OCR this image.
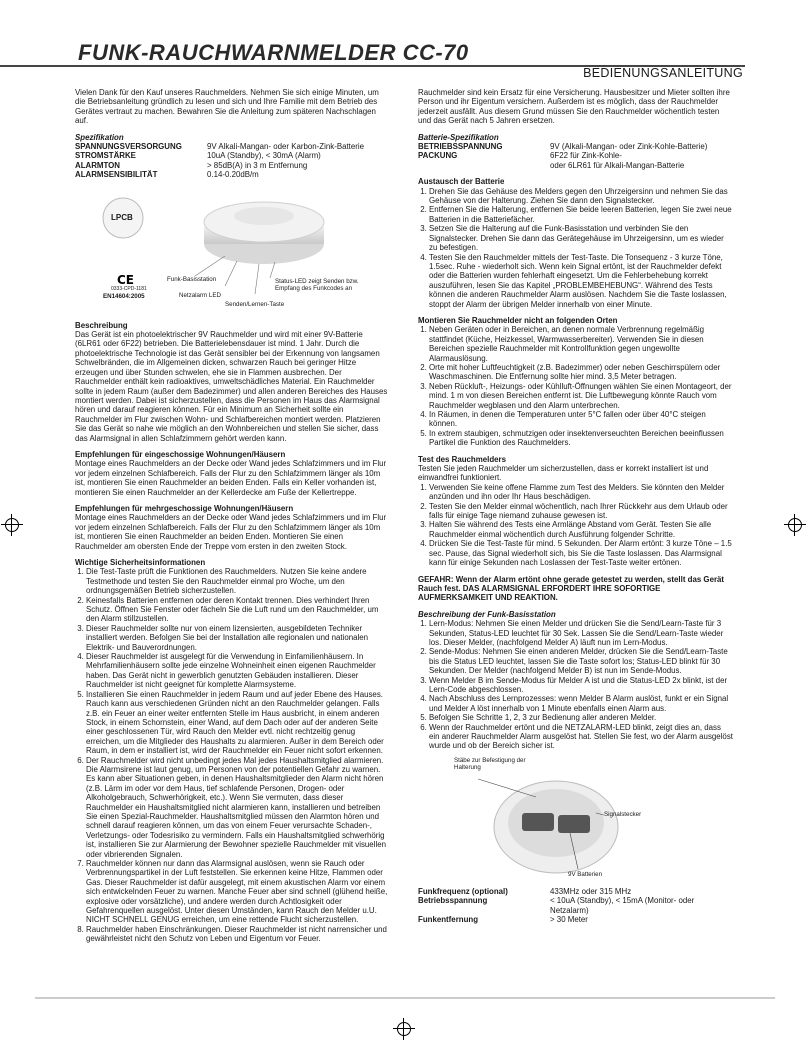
FUNK-RAUCHWARNMELDER CC-70
BEDIENUNGSANLEITUNG

Vielen Dank für den Kauf unseres Rauchmelders. Nehmen Sie sich einige Minuten, um die Betriebsanleitung gründlich zu lesen und sich und Ihre Familie mit dem Betrieb des Gerätes vertraut zu machen. Bewahren Sie die Anleitung zum späteren Nachschlagen auf.

Spezifikation

SPANNUNGSVERSORGUNG	9V Alkali-Mangan- oder Karbon-Zink-Batterie
STROMSTÄRKE	10uA (Standby), < 30mA (Alarm)
ALARMTON	> 85dB(A) in 3 m Entfernung
ALARMSENSIBILITÄT	0.14-0.20dB/m
CE
LPCB
0333-CPD-1181
EN14604:2005
Funk-Basisstation
Netzalarm LED
Senden/Lernen-Taste
Status-LED zeigt Senden bzw. Empfang des Funkcodes an

Beschreibung

Das Gerät ist ein photoelektrischer 9V Rauchmelder und wird mit einer 9V-Batterie (6LR61 oder 6F22) betrieben. Die Batterielebensdauer ist mind. 1 Jahr. Durch die photoelektrische Technologie ist das Gerät sensibler bei der Erkennung von langsamen Schwelbränden, die im Allgemeinen dicken, schwarzen Rauch bei geringer Hitze erzeugen und über Stunden schwelen, ehe sie in Flammen ausbrechen. Der Rauchmelder enthält kein radioaktives, umweltschädliches Material. Ein Rauchmelder sollte in jedem Raum (außer dem Badezimmer) und allen anderen Bereiches des Hauses montiert werden. Dabei ist sicherzustellen, dass die Personen im Haus das Alarmsignal hören und darauf reagieren können. Für ein Minimum an Sicherheit sollte ein Rauchmelder im Flur zwischen Wohn- und Schlafbereichen montiert werden. Platzieren Sie das Gerät so nahe wie möglich an den Wohnbereichen und stellen Sie sicher, dass das Alarmsignal in allen Schlafzimmern gehört werden kann.

Empfehlungen für eingeschossige Wohnungen/Häusern

Montage eines Rauchmelders an der Decke oder Wand jedes Schlafzimmers und im Flur vor jedem einzelnen Schlafbereich. Falls der Flur zu den Schlafzimmern länger als 10m ist, montieren Sie einen Rauchmelder an beiden Enden. Falls ein Keller vorhanden ist, montieren Sie einen Rauchmelder an der Kellerdecke am Fuße der Kellertreppe.

Empfehlungen für mehrgeschossige Wohnungen/Häusern

Montage eines Rauchmelders an der Decke oder Wand jedes Schlafzimmers und im Flur vor jedem einzelnen Schlafbereich. Falls der Flur zu den Schlafzimmern länger als 10m ist, montieren Sie einen Rauchmelder an beiden Enden. Montieren Sie einen Rauchmelder am obersten Ende der Treppe vom ersten in den zweiten Stock.

Wichtige Sicherheitsinformationen

1. Die Test-Taste prüft die Funktionen des Rauchmelders. Nutzen Sie keine andere Testmethode und testen Sie den Rauchmelder einmal pro Woche, um den ordnungsgemäßen Betrieb sicherzustellen.
2. Keinesfalls Batterien entfernen oder deren Kontakt trennen. Dies verhindert Ihren Schutz. Öffnen Sie Fenster oder fächeln Sie die Luft rund um den Rauchmelder, um den Alarm stillzustellen.
3. Dieser Rauchmelder sollte nur von einem lizensierten, ausgebildeten Techniker installiert werden. Befolgen Sie bei der Installation alle regionalen und nationalen Elektrik- und Bauverordnungen.
4. Dieser Rauchmelder ist ausgelegt für die Verwendung in Einfamilienhäusern. In Mehrfamilienhäusern sollte jede einzelne Wohneinheit einen eigenen Rauchmelder haben. Das Gerät nicht in gewerblich genutzten Gebäuden installieren. Dieser Rauchmelder ist nicht geeignet für komplette Alarmsysteme.
5. Installieren Sie einen Rauchmelder in jedem Raum und auf jeder Ebene des Hauses. Rauch kann aus verschiedenen Gründen nicht an den Rauchmelder gelangen. Falls z.B. ein Feuer an einer weiter entfernten Stelle im Haus ausbricht, in einem anderen Stock, in einem Schornstein, einer Wand, auf dem Dach oder auf der anderen Seite einer geschlossenen Tür, wird Rauch den Melder evtl. nicht rechtzeitig genug erreichen, um die Mitglieder des Haushalts zu alarmieren. Außer in dem Bereich oder Raum, in dem er installiert ist, wird der Rauchmelder ein Feuer nicht sofort erkennen.
6. Der Rauchmelder wird nicht unbedingt jedes Mal jedes Haushaltsmitglied alarmieren. Die Alarmsirene ist laut genug, um Personen von der potentiellen Gefahr zu warnen. Es kann aber Situationen geben, in denen Haushaltsmitglieder den Alarm nicht hören (z.B. Lärm im oder vor dem Haus, tief schlafende Personen, Drogen- oder Alkoholgebrauch, Schwerhörigkeit, etc.). Wenn Sie vermuten, dass dieser Rauchmelder ein Haushaltsmitglied nicht alarmieren kann, installieren und betreiben Sie einen Spezial-Rauchmelder. Haushaltsmitglied müssen den Alarmton hören und schnell darauf reagieren können, um das von einem Feuer verursachte Schaden-, Verletzungs- oder Todesrisiko zu vermindern. Falls ein Haushaltsmitglied schwerhörig ist, installieren Sie zur Alarmierung der Bewohner spezielle Rauchmelder mit visuellen oder vibrierenden Signalen.
7. Rauchmelder können nur dann das Alarmsignal auslösen, wenn sie Rauch oder Verbrennungspartikel in der Luft feststellen. Sie erkennen keine Hitze, Flammen oder Gas. Dieser Rauchmelder ist dafür ausgelegt, mit einem akustischen Alarm vor einem sich entwickelnden Feuer zu warnen. Manche Feuer aber sind schnell (glühend heiße, explosive oder vorsätzliche), und andere werden durch Achtlosigkeit oder Gefahrenquellen ausgelöst. Unter diesen Umständen, kann Rauch den Melder u.U. NICHT SCHNELL GENUG erreichen, um eine rettende Flucht sicherzustellen.
8. Rauchmelder haben Einschränkungen. Dieser Rauchmelder ist nicht narrensicher und gewährleistet nicht den Schutz von Leben und Eigentum vor Feuer.

Rauchmelder sind kein Ersatz für eine Versicherung. Hausbesitzer und Mieter sollten ihre Person und ihr Eigentum versichern. Außerdem ist es möglich, dass der Rauchmelder jederzeit ausfällt. Aus diesem Grund müssen Sie den Rauchmelder wöchentlich testen und das Gerät nach 5 Jahren ersetzen.

Batterie-Spezifikation

BETRIEBSSPANNUNG	9V (Alkali-Mangan- oder Zink-Kohle-Batterie)
PACKUNG	6F22 für Zink-Kohle-
oder 6LR61 für Alkali-Mangan-Batterie

Austausch der Batterie

1. Drehen Sie das Gehäuse des Melders gegen den Uhrzeigersinn und nehmen Sie das Gehäuse von der Halterung. Ziehen Sie dann den Signalstecker.
2. Entfernen Sie die Halterung, entfernen Sie beide leeren Batterien, legen Sie zwei neue Batterien in die Batteriefächer.
3. Setzen Sie die Halterung auf die Funk-Basisstation und verbinden Sie den Signalstecker. Drehen Sie dann das Gerätegehäuse im Uhrzeigersinn, um es wieder zu befestigen.
4. Testen Sie den Rauchmelder mittels der Test-Taste. Die Tonsequenz - 3 kurze Töne, 1.5sec. Ruhe - wiederholt sich. Wenn kein Signal ertönt, ist der Rauchmelder defekt oder die Batterien wurden fehlerhaft eingesetzt. Um die Fehlerbehebung korrekt auszuführen, lesen Sie das Kapitel „PROBLEMBEHEBUNG“. Während des Tests können die anderen Rauchmelder Alarm auslösen. Nachdem Sie die Taste loslassen, stoppt der Alarm der übrigen Melder innerhalb von einer Minute.

Montieren Sie Rauchmelder nicht an folgenden Orten

1. Neben Geräten oder in Bereichen, an denen normale Verbrennung regelmäßig stattfindet (Küche, Heizkessel, Warmwasserbereiter). Verwenden Sie in diesen Bereichen spezielle Rauchmelder mit Kontrollfunktion gegen ungewollte Alarmauslösung.
2. Orte mit hoher Luftfeuchtigkeit (z.B. Badezimmer) oder neben Geschirrspülern oder Waschmaschinen. Die Entfernung sollte hier mind. 3,5 Meter betragen.
3. Neben Rückluft-, Heizungs- oder Kühlluft-Öffnungen wählen Sie einen Montageort, der mind. 1 m von diesen Bereichen entfernt ist. Die Luftbewegung könnte Rauch vom Rauchmelder wegblasen und den Alarm unterbrechen.
4. In Räumen, in denen die Temperaturen unter 5°C fallen oder über 40°C steigen können.
5. In extrem staubigen, schmutzigen oder insektenverseuchten Bereichen beeinflussen Partikel die Funktion des Rauchmelders.

Test des Rauchmelders

Testen Sie jeden Rauchmelder um sicherzustellen, dass er korrekt installiert ist und einwandfrei funktioniert.

1. Verwenden Sie keine offene Flamme zum Test des Melders. Sie könnten den Melder anzünden und ihn oder Ihr Haus beschädigen.
2. Testen Sie den Melder einmal wöchentlich, nach Ihrer Rückkehr aus dem Urlaub oder falls für einige Tage niemand zuhause gewesen ist.
3. Halten Sie während des Tests eine Armlänge Abstand vom Gerät. Testen Sie alle Rauchmelder einmal wöchentlich durch Ausführung folgender Schritte.
4. Drücken Sie die Test-Taste für mind. 5 Sekunden. Der Alarm ertönt: 3 kurze Töne – 1.5 sec. Pause, das Signal wiederholt sich, bis Sie die Taste loslassen. Das Alarmsignal kann für einige Sekunden nach Loslassen der Test-Taste weiter ertönen.

GEFAHR: Wenn der Alarm ertönt ohne gerade getestet zu werden, stellt das Gerät Rauch fest. DAS ALARMSIGNAL ERFORDERT IHRE SOFORTIGE AUFMERKSAMKEIT UND REAKTION.

Beschreibung der Funk-Basisstation

1. Lern-Modus: Nehmen Sie einen Melder und drücken Sie die Send/Learn-Taste für 3 Sekunden, Status-LED leuchtet für 30 Sek. Lassen Sie die Send/Learn-Taste wieder los. Dieser Melder, (nachfolgend Melder A) läuft nun im Lern-Modus.
2. Sende-Modus: Nehmen Sie einen anderen Melder, drücken Sie die Send/Learn-Taste bis die Status LED leuchtet, lassen Sie die Taste sofort los; Status-LED blinkt für 30 Sekunden. Der Melder (nachfolgend Melder B) ist nun im Sende-Modus.
3. Wenn Melder B im Sende-Modus für Melder A ist und die Status-LED 2x blinkt, ist der Lern-Code abgeschlossen.
4. Nach Abschluss des Lernprozesses: wenn Melder B Alarm auslöst, funkt er ein Signal und Melder A löst innerhalb von 1 Minute ebenfalls einen Alarm aus.
5. Befolgen Sie Schritte 1, 2, 3 zur Bedienung aller anderen Melder.
6. Wenn der Rauchmelder ertönt und die NETZALARM-LED blinkt, zeigt dies an, dass ein anderer Rauchmelder Alarm ausgelöst hat. Stellen Sie fest, wo der Alarm ausgelöst wurde und ob der Bereich sicher ist.
Stäbe zur Befestigung der Halterung
Signalstecker
9V Batterien
Funkfrequenz (optional)	433MHz oder 315 MHz
Betriebsspannung	< 10uA (Standby), < 15mA (Monitor- oder Netzalarm)
Funkentfernung	> 30 Meter
